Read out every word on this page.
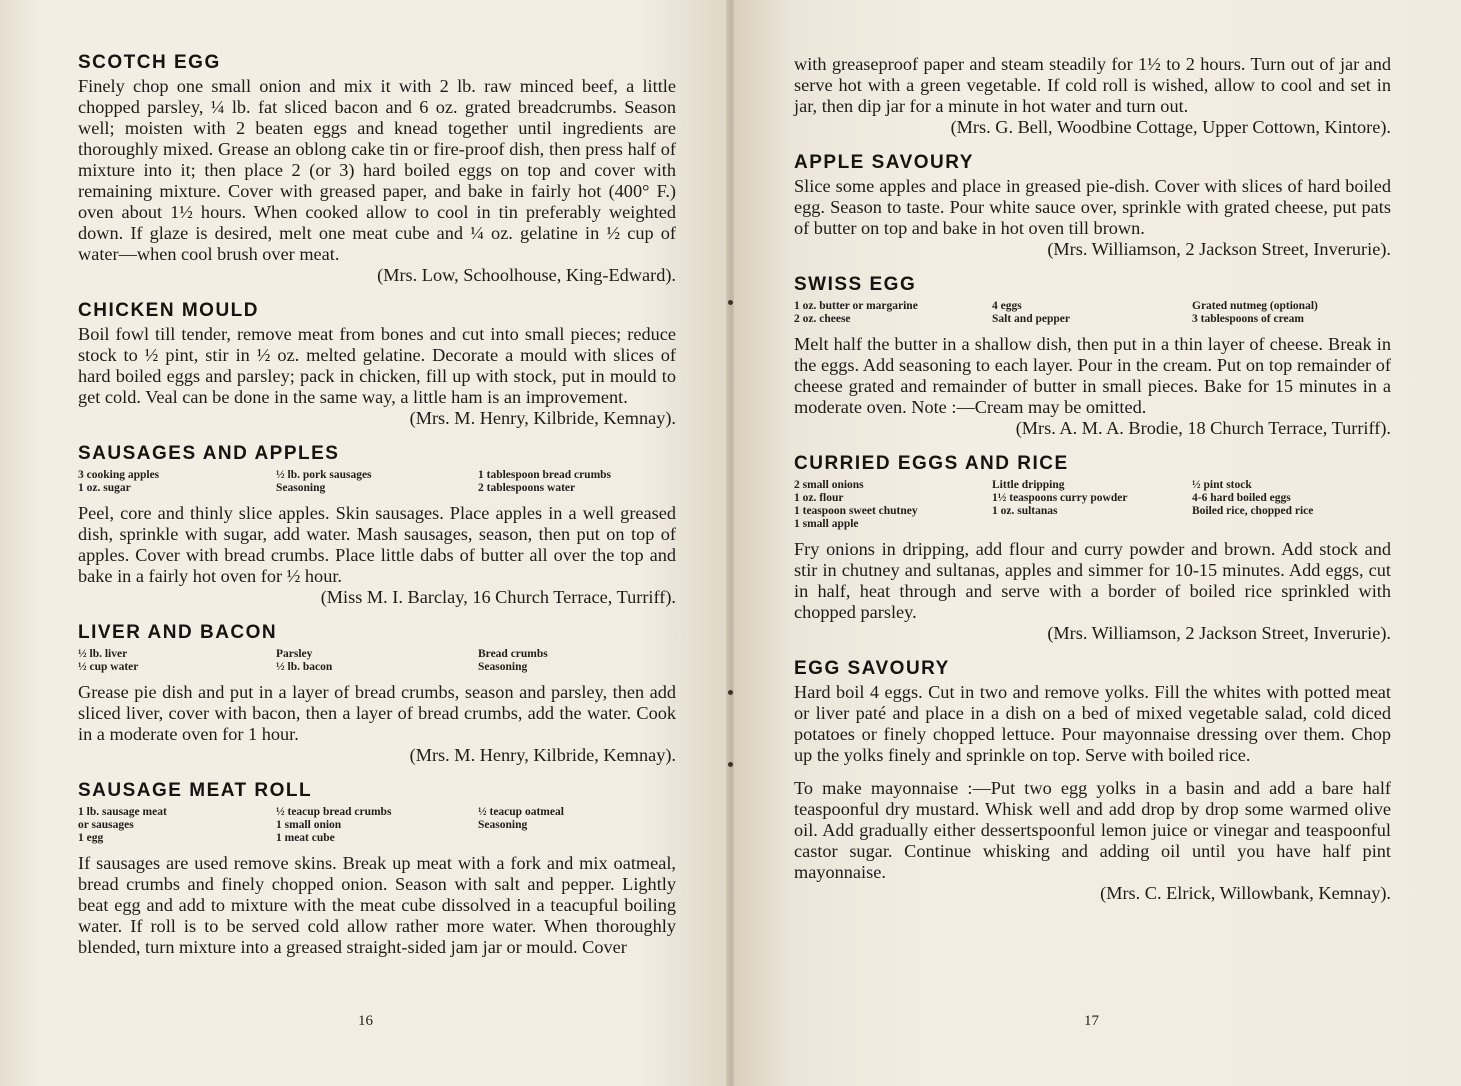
SCOTCH EGG

Finely chop one small onion and mix it with 2 lb. raw minced beef, a little chopped parsley, ¼ lb. fat sliced bacon and 6 oz. grated breadcrumbs. Season well; moisten with 2 beaten eggs and knead together until ingredients are thoroughly mixed. Grease an oblong cake tin or fire-proof dish, then press half of mixture into it; then place 2 (or 3) hard boiled eggs on top and cover with remaining mixture. Cover with greased paper, and bake in fairly hot (400° F.) oven about 1½ hours. When cooked allow to cool in tin preferably weighted down. If glaze is desired, melt one meat cube and ¼ oz. gelatine in ½ cup of water—when cool brush over meat.

(Mrs. Low, Schoolhouse, King-Edward).

CHICKEN MOULD

Boil fowl till tender, remove meat from bones and cut into small pieces; reduce stock to ½ pint, stir in ½ oz. melted gelatine. Decorate a mould with slices of hard boiled eggs and parsley; pack in chicken, fill up with stock, put in mould to get cold. Veal can be done in the same way, a little ham is an improvement.

(Mrs. M. Henry, Kilbride, Kemnay).

SAUSAGES AND APPLES
3 cooking apples	½ lb. pork sausages	1 tablespoon bread crumbs
1 oz. sugar	Seasoning	2 tablespoons water

Peel, core and thinly slice apples. Skin sausages. Place apples in a well greased dish, sprinkle with sugar, add water. Mash sausages, season, then put on top of apples. Cover with bread crumbs. Place little dabs of butter all over the top and bake in a fairly hot oven for ½ hour.

(Miss M. I. Barclay, 16 Church Terrace, Turriff).

LIVER AND BACON
½ lb. liver	Parsley	Bread crumbs
½ cup water	½ lb. bacon	Seasoning

Grease pie dish and put in a layer of bread crumbs, season and parsley, then add sliced liver, cover with bacon, then a layer of bread crumbs, add the water. Cook in a moderate oven for 1 hour.

(Mrs. M. Henry, Kilbride, Kemnay).

SAUSAGE MEAT ROLL
1 lb. sausage meat	½ teacup bread crumbs	½ teacup oatmeal
or sausages	1 small onion	Seasoning
1 egg	1 meat cube

If sausages are used remove skins. Break up meat with a fork and mix oatmeal, bread crumbs and finely chopped onion. Season with salt and pepper. Lightly beat egg and add to mixture with the meat cube dissolved in a teacupful boiling water. If roll is to be served cold allow rather more water. When thoroughly blended, turn mixture into a greased straight-sided jam jar or mould. Cover

16

with greaseproof paper and steam steadily for 1½ to 2 hours. Turn out of jar and serve hot with a green vegetable. If cold roll is wished, allow to cool and set in jar, then dip jar for a minute in hot water and turn out.

(Mrs. G. Bell, Woodbine Cottage, Upper Cottown, Kintore).

APPLE SAVOURY

Slice some apples and place in greased pie-dish. Cover with slices of hard boiled egg. Season to taste. Pour white sauce over, sprinkle with grated cheese, put pats of butter on top and bake in hot oven till brown.

(Mrs. Williamson, 2 Jackson Street, Inverurie).

SWISS EGG
1 oz. butter or margarine	4 eggs	Grated nutmeg (optional)
2 oz. cheese	Salt and pepper	3 tablespoons of cream

Melt half the butter in a shallow dish, then put in a thin layer of cheese. Break in the eggs. Add seasoning to each layer. Pour in the cream. Put on top remainder of cheese grated and remainder of butter in small pieces. Bake for 15 minutes in a moderate oven. Note :—Cream may be omitted.

(Mrs. A. M. A. Brodie, 18 Church Terrace, Turriff).

CURRIED EGGS AND RICE
2 small onions	Little dripping	½ pint stock
1 oz. flour	1½ teaspoons curry powder	4-6 hard boiled eggs
1 teaspoon sweet chutney	1 oz. sultanas	Boiled rice, chopped rice
1 small apple

Fry onions in dripping, add flour and curry powder and brown. Add stock and stir in chutney and sultanas, apples and simmer for 10-15 minutes. Add eggs, cut in half, heat through and serve with a border of boiled rice sprinkled with chopped parsley.

(Mrs. Williamson, 2 Jackson Street, Inverurie).

EGG SAVOURY

Hard boil 4 eggs. Cut in two and remove yolks. Fill the whites with potted meat or liver paté and place in a dish on a bed of mixed vegetable salad, cold diced potatoes or finely chopped lettuce. Pour mayonnaise dressing over them. Chop up the yolks finely and sprinkle on top. Serve with boiled rice.

To make mayonnaise :—Put two egg yolks in a basin and add a bare half teaspoonful dry mustard. Whisk well and add drop by drop some warmed olive oil. Add gradually either dessertspoonful lemon juice or vinegar and teaspoonful castor sugar. Continue whisking and adding oil until you have half pint mayonnaise.

(Mrs. C. Elrick, Willowbank, Kemnay).

17
